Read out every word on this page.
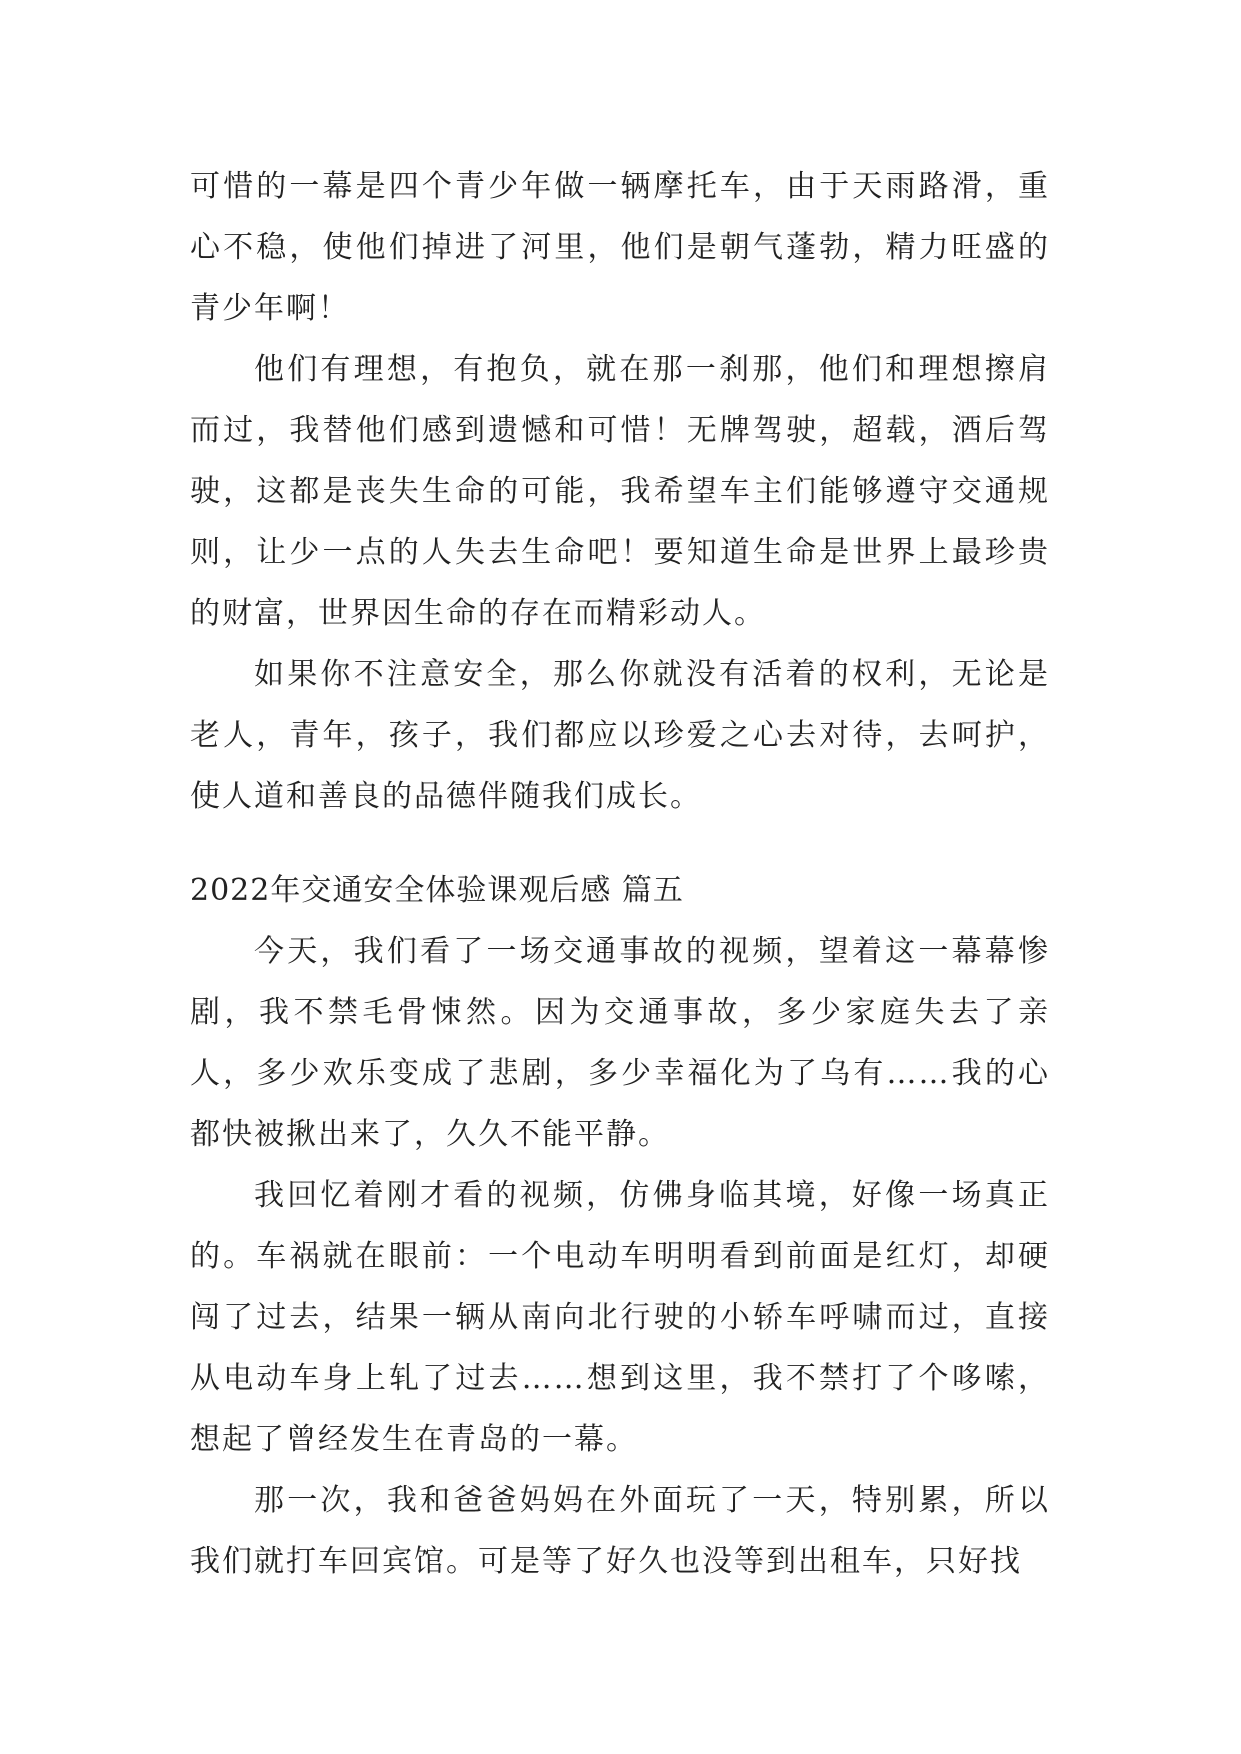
可惜的一幕是四个青少年做一辆摩托车，由于天雨路滑，重心不稳，使他们掉进了河里，他们是朝气蓬勃，精力旺盛的青少年啊！

他们有理想，有抱负，就在那一刹那，他们和理想擦肩而过，我替他们感到遗憾和可惜！无牌驾驶，超载，酒后驾驶，这都是丧失生命的可能，我希望车主们能够遵守交通规则，让少一点的人失去生命吧！要知道生命是世界上最珍贵的财富，世界因生命的存在而精彩动人。

如果你不注意安全，那么你就没有活着的权利，无论是老人，青年，孩子，我们都应以珍爱之心去对待，去呵护，使人道和善良的品德伴随我们成长。

2022年交通安全体验课观后感 篇五

今天，我们看了一场交通事故的视频，望着这一幕幕惨剧，我不禁毛骨悚然。因为交通事故，多少家庭失去了亲人，多少欢乐变成了悲剧，多少幸福化为了乌有……我的心都快被揪出来了，久久不能平静。

我回忆着刚才看的视频，仿佛身临其境，好像一场真正的。车祸就在眼前：一个电动车明明看到前面是红灯，却硬闯了过去，结果一辆从南向北行驶的小轿车呼啸而过，直接从电动车身上轧了过去……想到这里，我不禁打了个哆嗦，想起了曾经发生在青岛的一幕。

那一次，我和爸爸妈妈在外面玩了一天，特别累，所以我们就打车回宾馆。可是等了好久也没等到出租车，只好找
